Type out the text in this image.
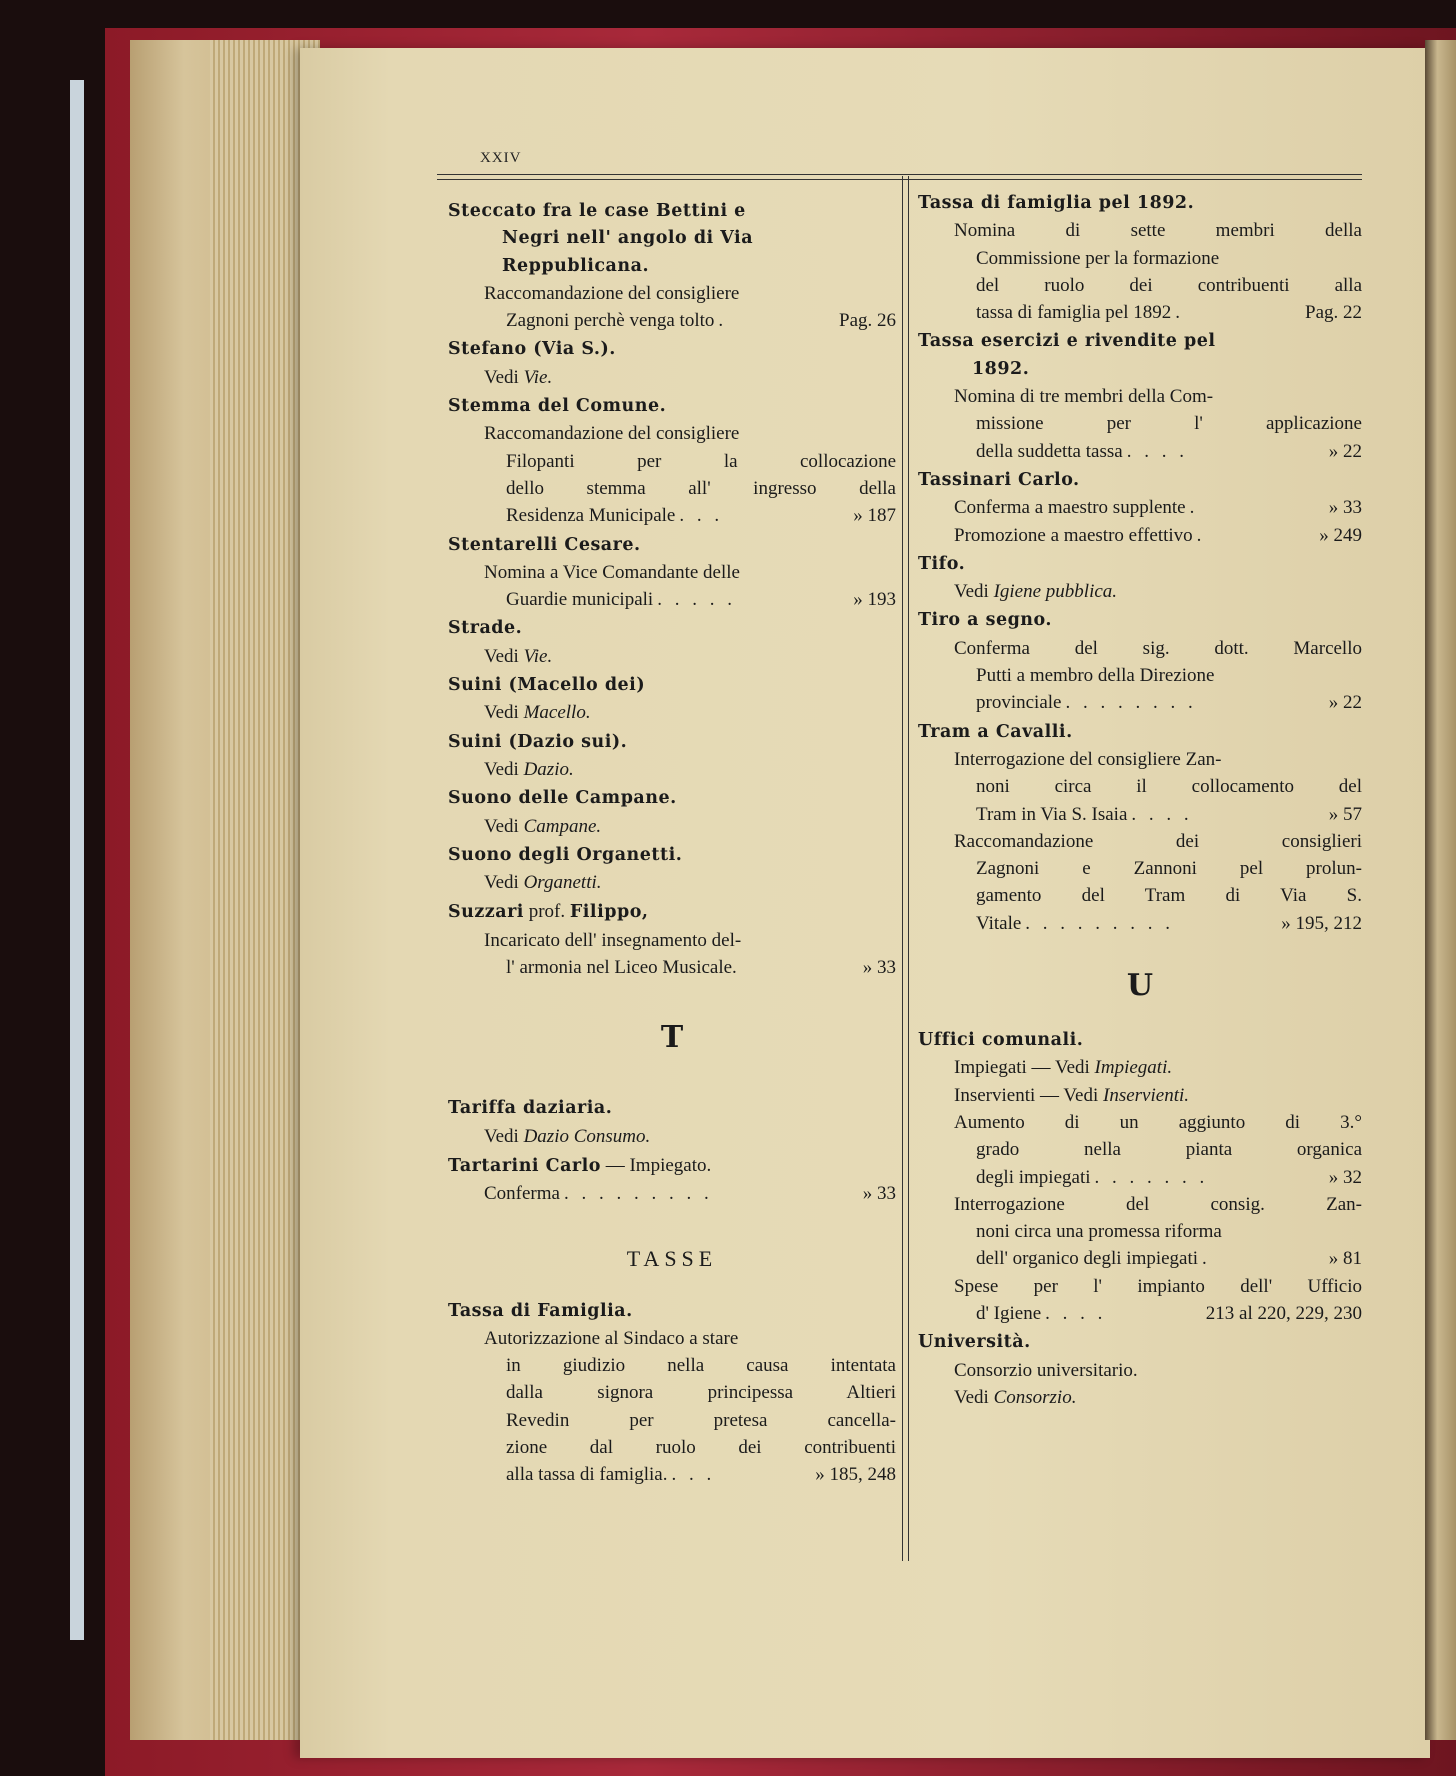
XXIV
Steccato fra le case Bettini e
Negri nell' angolo di Via
Reppublicana.
Raccomandazione del consigliere
Zagnoni perchè venga tolto .	Pag. 26
Stefano (Via S.).
Vedi Vie.
Stemma del Comune.
Raccomandazione del consigliere
Filopanti per la collocazione
dello stemma all' ingresso della
Residenza Municipale . . .	» 187
Stentarelli Cesare.
Nomina a Vice Comandante delle
Guardie municipali . . . . .	» 193
Strade.
Vedi Vie.
Suini (Macello dei)
Vedi Macello.
Suini (Dazio sui).
Vedi Dazio.
Suono delle Campane.
Vedi Campane.
Suono degli Organetti.
Vedi Organetti.
Suzzari prof. Filippo,
Incaricato dell' insegnamento del-
l' armonia nel Liceo Musicale.	» 33
T
Tariffa daziaria.
Vedi Dazio Consumo.
Tartarini Carlo — Impiegato.
Conferma . . . . . . . . .	» 33
TASSE
Tassa di Famiglia.
Autorizzazione al Sindaco a stare
in giudizio nella causa intentata
dalla signora principessa Altieri
Revedin per pretesa cancella-
zione dal ruolo dei contribuenti
alla tassa di famiglia. . . .	» 185, 248
Tassa di famiglia pel 1892.
Nomina di sette membri della
Commissione per la formazione
del ruolo dei contribuenti alla
tassa di famiglia pel 1892 .	Pag. 22
Tassa esercizi e rivendite pel
1892.
Nomina di tre membri della Com-
missione per l' applicazione
della suddetta tassa . . . .	» 22
Tassinari Carlo.
Conferma a maestro supplente .	» 33
Promozione a maestro effettivo .	» 249
Tifo.
Vedi Igiene pubblica.
Tiro a segno.
Conferma del sig. dott. Marcello
Putti a membro della Direzione
provinciale . . . . . . . .	» 22
Tram a Cavalli.
Interrogazione del consigliere Zan-
noni circa il collocamento del
Tram in Via S. Isaia . . . .	» 57
Raccomandazione dei consiglieri
Zagnoni e Zannoni pel prolun-
gamento del Tram di Via S.
Vitale . . . . . . . . .	» 195, 212
U
Uffici comunali.
Impiegati — Vedi Impiegati.
Inservienti — Vedi Inservienti.
Aumento di un aggiunto di 3.°
grado nella pianta organica
degli impiegati . . . . . . .	» 32
Interrogazione del consig. Zan-
noni circa una promessa riforma
dell' organico degli impiegati .	» 81
Spese per l' impianto dell' Ufficio
d' Igiene . . . .	213 al 220, 229, 230
Università.
Consorzio universitario.
Vedi Consorzio.
